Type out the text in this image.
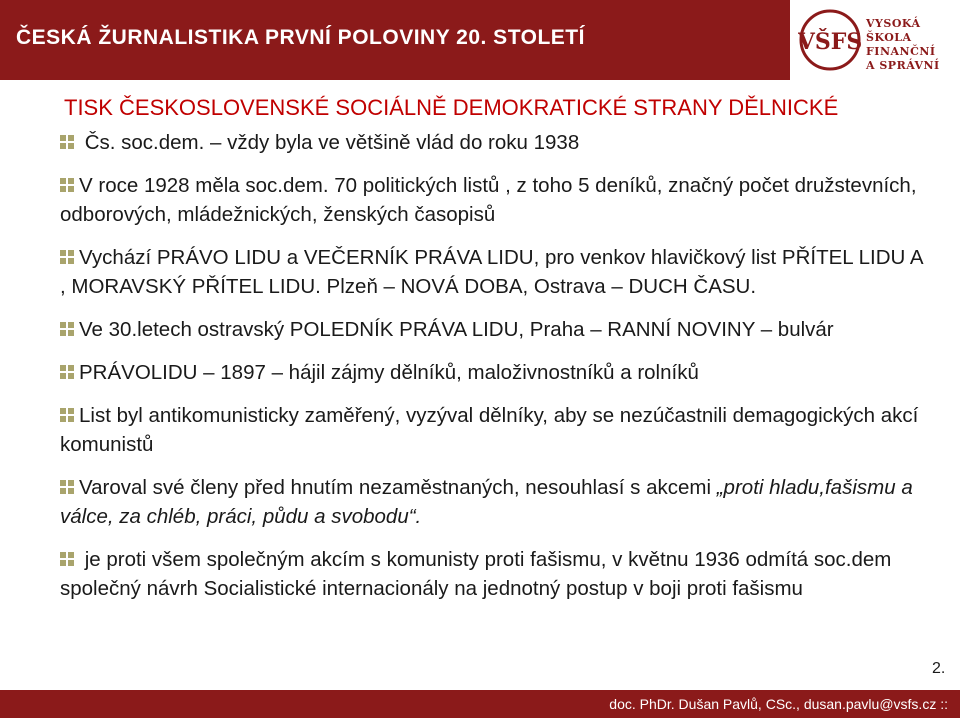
ČESKÁ ŽURNALISTIKA PRVNÍ POLOVINY 20. STOLETÍ	VŠFS
VYSOKÁ ŠKOLA
FINANČNÍ
A SPRÁVNÍ
TISK ČESKOSLOVENSKÉ SOCIÁLNĚ DEMOKRATICKÉ STRANY DĚLNICKÉ

Čs. soc.dem. – vždy byla ve většině vlád do roku 1938

V roce 1928 měla soc.dem. 70 politických listů , z toho 5 deníků, značný počet družstevních, odborových, mládežnických, ženských časopisů

Vychází PRÁVO LIDU a VEČERNÍK PRÁVA LIDU, pro venkov hlavičkový list PŘÍTEL LIDU A , MORAVSKÝ PŘÍTEL LIDU. Plzeň – NOVÁ DOBA, Ostrava – DUCH ČASU.

Ve 30.letech ostravský POLEDNÍK PRÁVA LIDU, Praha – RANNÍ NOVINY – bulvár

PRÁVOLIDU – 1897 – hájil zájmy dělníků, maloživnostníků a rolníků

List byl antikomunisticky zaměřený, vyzýval dělníky, aby se nezúčastnili demagogických akcí komunistů

Varoval své členy před hnutím nezaměstnaných, nesouhlasí s akcemi „proti hladu,fašismu a válce, za chléb, práci, půdu a svobodu“.

je proti všem společným akcím s komunisty proti fašismu, v květnu 1936 odmítá soc.dem společný návrh Socialistické internacionály na jednotný postup v boji proti fašismu

2.
doc. PhDr. Dušan Pavlů, CSc., dusan.pavlu@vsfs.cz ::
